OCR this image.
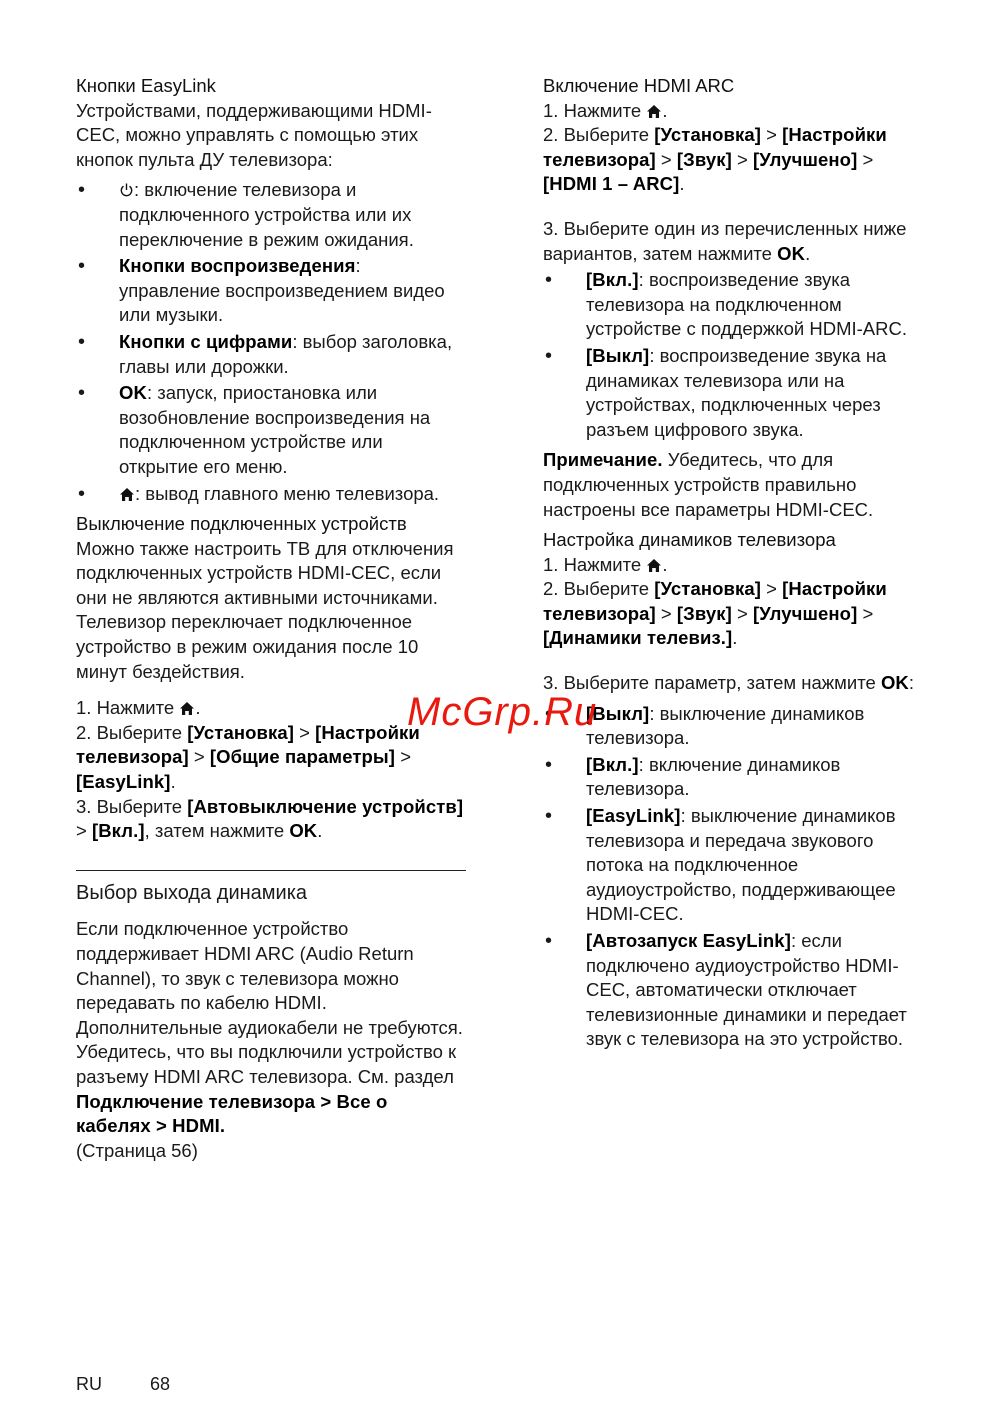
Кнопки EasyLink

Устройствами, поддерживающими HDMI-CEC, можно управлять с помощью этих кнопок пульта ДУ телевизора:

• : включение телевизора и подключенного устройства или их переключение в режим ожидания.
• Кнопки воспроизведения: управление воспроизведением видео или музыки.
• Кнопки с цифрами: выбор заголовка, главы или дорожки.
• OK: запуск, приостановка или возобновление воспроизведения на подключенном устройстве или открытие его меню.
• : вывод главного меню телевизора.

Выключение подключенных устройств

Можно также настроить ТВ для отключения подключенных устройств HDMI-CEC, если они не являются активными источниками. Телевизор переключает подключенное устройство в режим ожидания после 10 минут бездействия.

1. Нажмите .

2. Выберите [Установка] > [Настройки телевизора] > [Общие параметры] > [EasyLink].

3. Выберите [Автовыключение устройств] > [Вкл.], затем нажмите OK.

Выбор выхода динамика

Если подключенное устройство поддерживает HDMI ARC (Audio Return Channel), то звук с телевизора можно передавать по кабелю HDMI. Дополнительные аудиокабели не требуются. Убедитесь, что вы подключили устройство к разъему HDMI ARC телевизора. См. раздел Подключение телевизора > Все о кабелях > HDMI.

(Страница 56)

Включение HDMI ARC

1. Нажмите .

2. Выберите [Установка] > [Настройки телевизора] > [Звук] > [Улучшено] > [HDMI 1 – ARC].

3. Выберите один из перечисленных ниже вариантов, затем нажмите OK.

• [Вкл.]: воспроизведение звука телевизора на подключенном устройстве с поддержкой HDMI-ARC.
• [Выкл]: воспроизведение звука на динамиках телевизора или на устройствах, подключенных через разъем цифрового звука.

Примечание. Убедитесь, что для подключенных устройств правильно настроены все параметры HDMI-CEC.

Настройка динамиков телевизора

1. Нажмите .

2. Выберите [Установка] > [Настройки телевизора] > [Звук] > [Улучшено] > [Динамики телевиз.].

3. Выберите параметр, затем нажмите OK:

• [Выкл]: выключение динамиков телевизора.
• [Вкл.]: включение динамиков телевизора.
• [EasyLink]: выключение динамиков телевизора и передача звукового потока на подключенное аудиоустройство, поддерживающее HDMI-CEC.
• [Автозапуск EasyLink]: если подключено аудиоустройство HDMI-CEC, автоматически отключает телевизионные динамики и передает звук с телевизора на это устройство.
McGrp.Ru
RU	68
